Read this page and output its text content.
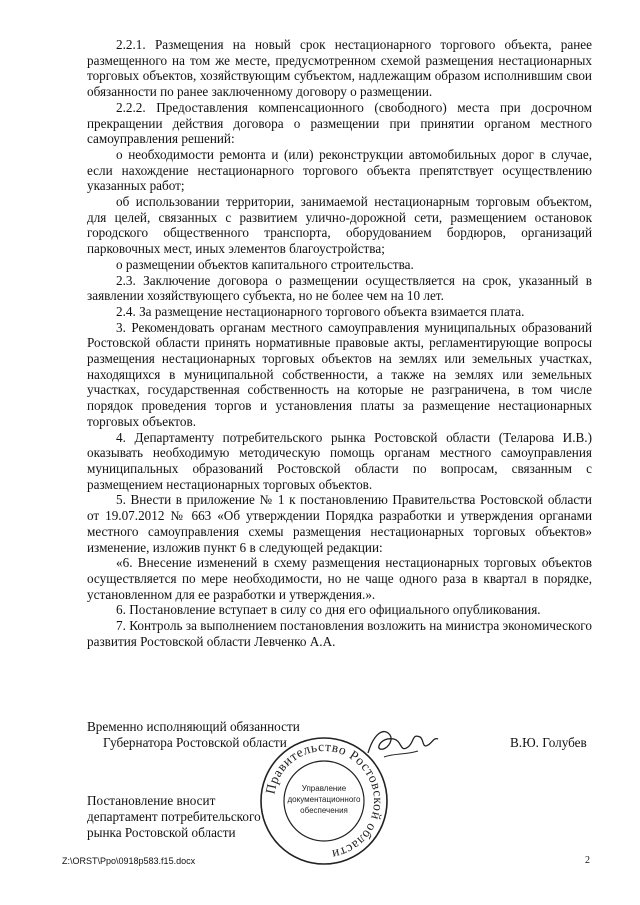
2.2.1. Размещения на новый срок нестационарного торгового объекта, ранее размещенного на том же месте, предусмотренном схемой размещения нестационарных торговых объектов, хозяйствующим субъектом, надлежащим образом исполнившим свои обязанности по ранее заключенному договору о размещении.

2.2.2. Предоставления компенсационного (свободного) места при досрочном прекращении действия договора о размещении при принятии органом местного самоуправления решений:

о необходимости ремонта и (или) реконструкции автомобильных дорог в случае, если нахождение нестационарного торгового объекта препятствует осуществлению указанных работ;

об использовании территории, занимаемой нестационарным торговым объектом, для целей, связанных с развитием улично-дорожной сети, размещением остановок городского общественного транспорта, оборудованием бордюров, организаций парковочных мест, иных элементов благоустройства;

о размещении объектов капитального строительства.

2.3. Заключение договора о размещении осуществляется на срок, указанный в заявлении хозяйствующего субъекта, но не более чем на 10 лет.

2.4. За размещение нестационарного торгового объекта взимается плата.

3. Рекомендовать органам местного самоуправления муниципальных образований Ростовской области принять нормативные правовые акты, регламентирующие вопросы размещения нестационарных торговых объектов на землях или земельных участках, находящихся в муниципальной собственности, а также на землях или земельных участках, государственная собственность на которые не разграничена, в том числе порядок проведения торгов и установления платы за размещение нестационарных торговых объектов.

4. Департаменту потребительского рынка Ростовской области (Теларова И.В.) оказывать необходимую методическую помощь органам местного самоуправления муниципальных образований Ростовской области по вопросам, связанным с размещением нестационарных торговых объектов.

5. Внести в приложение № 1 к постановлению Правительства Ростовской области от 19.07.2012 № 663 «Об утверждении Порядка разработки и утверждения органами местного самоуправления схемы размещения нестационарных торговых объектов» изменение, изложив пункт 6 в следующей редакции:

«6. Внесение изменений в схему размещения нестационарных торговых объектов осуществляется по мере необходимости, но не чаще одного раза в квартал в порядке, установленном для ее разработки и утверждения.».

6. Постановление вступает в силу со дня его официального опубликования.

7. Контроль за выполнением постановления возложить на министра экономического развития Ростовской области Левченко А.А.

Временно исполняющий обязанности

Губернатора Ростовской области	В.Ю. Голубев
Правительство Ростовской области
Управление
документационного
обеспечения

Постановление вносит

департамент потребительского

рынка Ростовской области

Z:\ORST\Ppo\0918p583.f15.docx	2
